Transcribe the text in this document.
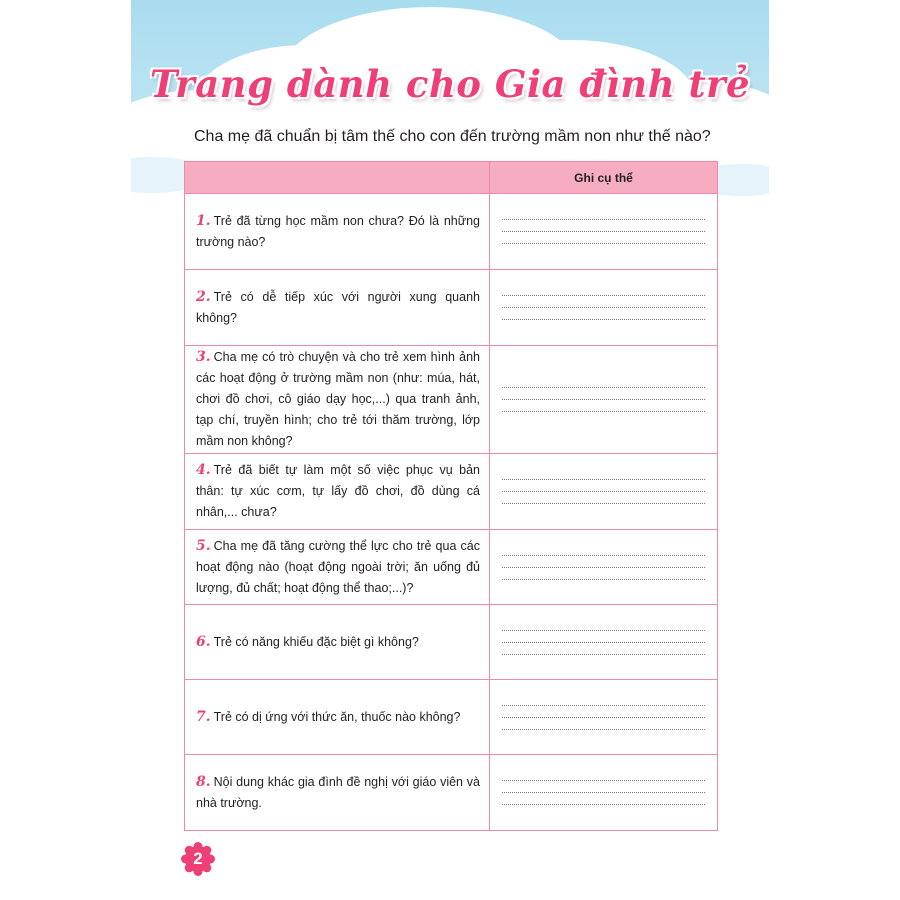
Trang dành cho Gia đình trẻ
Cha mẹ đã chuẩn bị tâm thế cho con đến trường mầm non như thế nào?
	Ghi cụ thể
1. Trẻ đã từng học mầm non chưa? Đó là những trường nào?	

2. Trẻ có dễ tiếp xúc với người xung quanh không?	

3. Cha mẹ có trò chuyện và cho trẻ xem hình ảnh các hoạt động ở trường mầm non (như: múa, hát, chơi đồ chơi, cô giáo dạy học,...) qua tranh ảnh, tạp chí, truyền hình; cho trẻ tới thăm trường, lớp mầm non không?	

4. Trẻ đã biết tự làm một số việc phục vụ bản thân: tự xúc cơm, tự lấy đồ chơi, đồ dùng cá nhân,... chưa?	

5. Cha mẹ đã tăng cường thể lực cho trẻ qua các hoạt động nào (hoạt động ngoài trời; ăn uống đủ lượng, đủ chất; hoạt động thể thao;...)?	

6. Trẻ có năng khiếu đặc biệt gì không?	

7. Trẻ có dị ứng với thức ăn, thuốc nào không?	

8. Nội dung khác gia đình đề nghị với giáo viên và nhà trường.	
2
